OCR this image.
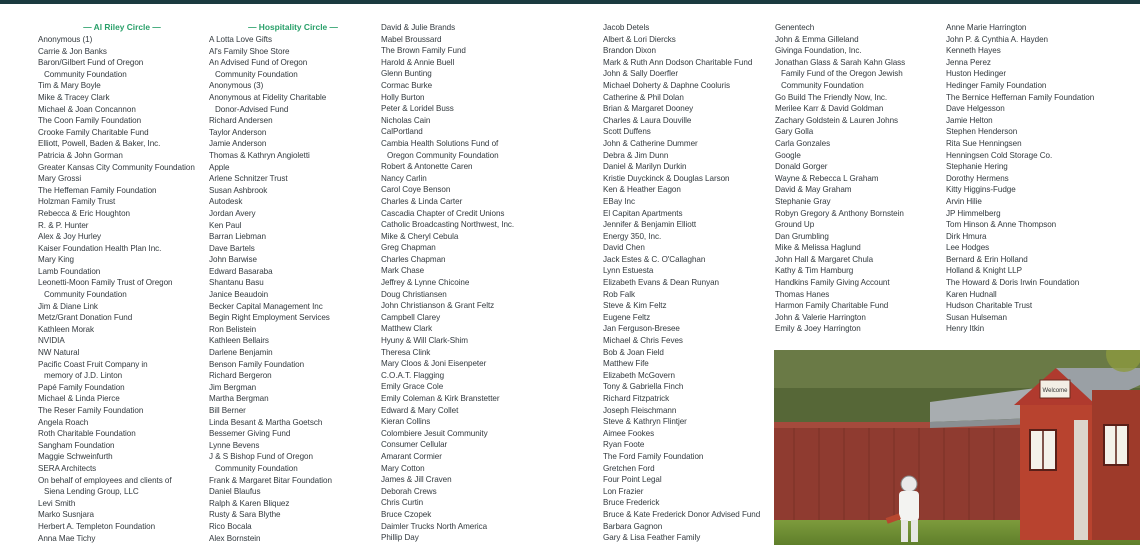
— Al Riley Circle —
Anonymous (1)
Carrie & Jon Banks
Baron/Gilbert Fund of Oregon
Community Foundation
Tim & Mary Boyle
Mike & Tracey Clark
Michael & Joan Concannon
The Coon Family Foundation
Crooke Family Charitable Fund
Elliott, Powell, Baden & Baker, Inc.
Patricia & John Gorman
Greater Kansas City Community Foundation
Mary Grossi
The Heffeman Family Foundation
Holzman Family Trust
Rebecca & Eric Houghton
R. & P. Hunter
Alex & Joy Hurley
Kaiser Foundation Health Plan Inc.
Mary King
Lamb Foundation
Leonetti-Moon Family Trust of Oregon
Community Foundation
Jim & Diane Link
Metz/Grant Donation Fund
Kathleen Morak
NVIDIA
NW Natural
Pacific Coast Fruit Company in
memory of J.D. Linton
Papé Family Foundation
Michael & Linda Pierce
The Reser Family Foundation
Angela Roach
Roth Charitable Foundation
Sangham Foundation
Maggie Schweinfurth
SERA Architects
On behalf of employees and clients of
Siena Lending Group, LLC
Levi Smith
Marko Susnjara
Herbert A. Templeton Foundation
Anna Mae Tichy
— Hospitality Circle —
A Lotta Love Gifts
Al's Family Shoe Store
An Advised Fund of Oregon
Community Foundation
Anonymous (3)
Anonymous at Fidelity Charitable
Donor-Advised Fund
Richard Andersen
Taylor Anderson
Jamie Anderson
Thomas & Kathryn Angioletti
Apple
Arlene Schnitzer Trust
Susan Ashbrook
Autodesk
Jordan Avery
Ken Paul
Barran Liebman
Dave Bartels
John Barwise
Edward Basaraba
Shantanu Basu
Janice Beaudoin
Becker Capital Management Inc
Begin Right Employment Services
Ron Belistein
Kathleen Bellairs
Darlene Benjamin
Benson Family Foundation
Richard Bergeron
Jim Bergman
Martha Bergman
Bill Berner
Linda Besant & Martha Goetsch
Bessemer Giving Fund
Lynne Bevens
J & S Bishop Fund of Oregon
Community Foundation
Frank & Margaret Bitar Foundation
Daniel Blaufus
Ralph & Karen Bliquez
Rusty & Sara Blythe
Rico Bocala
Alex Bornstein
David & Julie Brands
Mabel Broussard
The Brown Family Fund
Harold & Annie Buell
Glenn Bunting
Cormac Burke
Holly Burton
Peter & Loridel Buss
Nicholas Cain
CalPortland
Cambia Health Solutions Fund of
Oregon Community Foundation
Robert & Antonette Caren
Nancy Carlin
Carol Coye Benson
Charles & Linda Carter
Cascadia Chapter of Credit Unions
Catholic Broadcasting Northwest, Inc.
Mike & Cheryl Cebula
Greg Chapman
Charles Chapman
Mark Chase
Jeffrey & Lynne Chicoine
Doug Christiansen
John Christianson & Grant Feltz
Campbell Clarey
Matthew Clark
Hyuny & Will Clark-Shim
Theresa Clink
Mary Cloos & Joni Eisenpeter
C.O.A.T. Flagging
Emily Grace Cole
Emily Coleman & Kirk Branstetter
Edward & Mary Collet
Kieran Collins
Colombiere Jesuit Community
Consumer Cellular
Amarant Cormier
Mary Cotton
James & Jill Craven
Deborah Crews
Chris Curtin
Bruce Czopek
Daimler Trucks North America
Phillip Day
Jacob Detels
Albert & Lori Diercks
Brandon Dixon
Mark & Ruth Ann Dodson Charitable Fund
John & Sally Doerfler
Michael Doherty & Daphne Cooluris
Catherine & Phil Dolan
Brian & Margaret Dooney
Charles & Laura Douville
Scott Duffens
John & Catherine Dummer
Debra & Jim Dunn
Daniel & Marilyn Durkin
Kristie Duyckinck & Douglas Larson
Ken & Heather Eagon
EBay Inc
El Capitan Apartments
Jennifer & Benjamin Elliott
Energy 350, Inc.
David Chen
Jack Estes & C. O'Callaghan
Lynn Estuesta
Elizabeth Evans & Dean Runyan
Rob Falk
Steve & Kim Feltz
Eugene Feltz
Jan Ferguson-Bresee
Michael & Chris Feves
Bob & Joan Field
Matthew Fife
Elizabeth McGovern
Tony & Gabriella Finch
Richard Fitzpatrick
Joseph Fleischmann
Steve & Kathryn Flintjer
Aimee Fookes
Ryan Foote
The Ford Family Foundation
Gretchen Ford
Four Point Legal
Lon Frazier
Bruce Frederick
Bruce & Kate Frederick Donor Advised Fund
Barbara Gagnon
Gary & Lisa Feather Family
Genentech
John & Emma Gilleland
Givinga Foundation, Inc.
Jonathan Glass & Sarah Kahn Glass
Family Fund of the Oregon Jewish
Community Foundation
Go Build The Friendly Now, Inc.
Merilee Karr & David Goldman
Zachary Goldstein & Lauren Johns
Gary Golla
Carla Gonzales
Google
Donald Gorger
Wayne & Rebecca L Graham
David & May Graham
Stephanie Gray
Robyn Gregory & Anthony Bornstein
Ground Up
Dan Grumbling
Mike & Melissa Haglund
John Hall & Margaret Chula
Kathy & Tim Hamburg
Handkins Family Giving Account
Thomas Hanes
Harmon Family Charitable Fund
John & Valerie Harrington
Emily & Joey Harrington
Anne Marie Harrington
John P. & Cynthia A. Hayden
Kenneth Hayes
Jenna Perez
Huston Hedinger
Hedinger Family Foundation
The Bernice Heffernan Family Foundation
Dave Helgesson
Jamie Helton
Stephen Henderson
Rita Sue Henningsen
Henningsen Cold Storage Co.
Stephanie Hering
Dorothy Hermens
Kitty Higgins-Fudge
Arvin Hilie
JP Himmelberg
Tom Hinson & Anne Thompson
Dirk Hmura
Lee Hodges
Bernard & Erin Holland
Holland & Knight LLP
The Howard & Doris Irwin Foundation
Karen Hudnall
Hudson Charitable Trust
Susan Hulseman
Henry Itkin
Welcome
